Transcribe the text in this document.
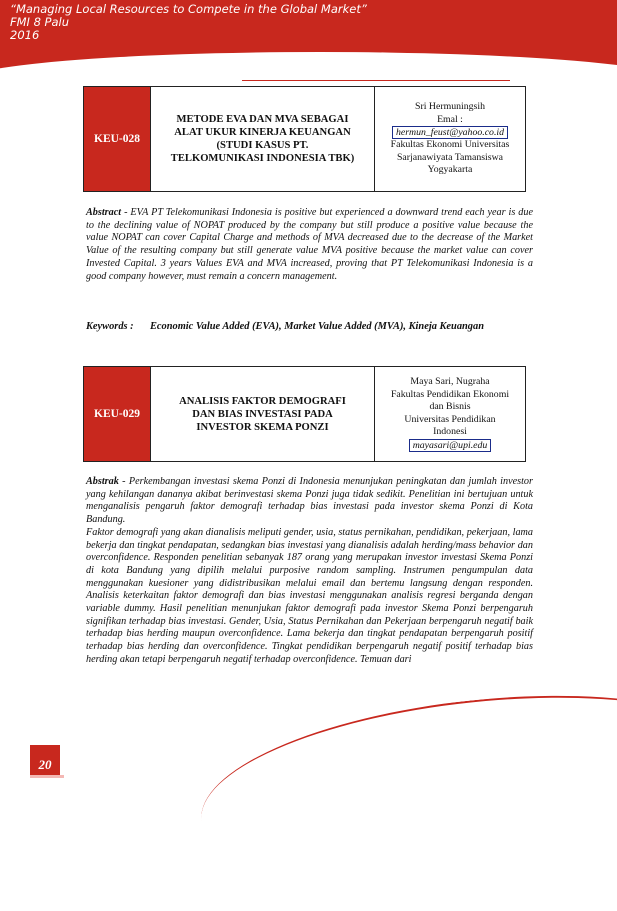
“Managing Local Resources to Compete in the Global Market”
FMI 8 Palu
2016
KEU-028
METODE EVA DAN MVA SEBAGAI
ALAT UKUR KINERJA KEUANGAN
(STUDI KASUS PT.
TELKOMUNIKASI INDONESIA TBK)
Sri Hermuningsih
Emal :
hermun_feust@yahoo.co.id
Fakultas Ekonomi Universitas
Sarjanawiyata Tamansiswa
Yogyakarta

Abstract - EVA PT Telekomunikasi Indonesia is positive but experienced a downward trend each year is due to the declining value of NOPAT produced by the company but still produce a positive value because the value NOPAT can cover Capital Charge and methods of MVA decreased due to the decrease of the Market Value of the resulting company but still generate value MVA positive because the market value can cover Invested Capital. 3 years Values EVA and MVA increased, proving that PT Telekomunikasi Indonesia is a good company however, must remain a concern management.

Keywords :	Economic Value Added (EVA), Market Value Added (MVA), Kineja Keuangan
KEU-029
ANALISIS FAKTOR DEMOGRAFI
DAN BIAS INVESTASI PADA
INVESTOR SKEMA PONZI
Maya Sari, Nugraha
Fakultas Pendidikan Ekonomi
dan Bisnis
Universitas Pendidikan
Indonesi
mayasari@upi.edu
Abstrak - Perkembangan investasi skema Ponzi di Indonesia menunjukan peningkatan dan jumlah investor yang kehilangan dananya akibat berinvestasi skema Ponzi juga tidak sedikit. Penelitian ini bertujuan untuk menganalisis pengaruh faktor demografi terhadap bias investasi pada investor skema Ponzi di Kota Bandung.
Faktor demografi yang akan dianalisis meliputi gender, usia, status pernikahan, pendidikan, pekerjaan, lama bekerja dan tingkat pendapatan, sedangkan bias investasi yang dianalisis adalah herding/mass behavior dan overconfidence. Responden penelitian sebanyak 187 orang yang merupakan investor investasi Skema Ponzi di kota Bandung yang dipilih melalui purposive random sampling. Instrumen pengumpulan data menggunakan kuesioner yang didistribusikan melalui email dan bertemu langsung dengan responden. Analisis keterkaitan faktor demografi dan bias investasi menggunakan analisis regresi berganda dengan variable dummy. Hasil penelitian menunjukan faktor demografi pada investor Skema Ponzi berpengaruh signifikan terhadap bias investasi. Gender, Usia, Status Pernikahan dan Pekerjaan berpengaruh negatif baik terhadap bias herding maupun overconfidence. Lama bekerja dan tingkat pendapatan berpengaruh positif terhadap bias herding dan overconfidence. Tingkat pendidikan berpengaruh negatif positif terhadap bias herding akan tetapi berpengaruh negatif terhadap overconfidence. Temuan dari
20
